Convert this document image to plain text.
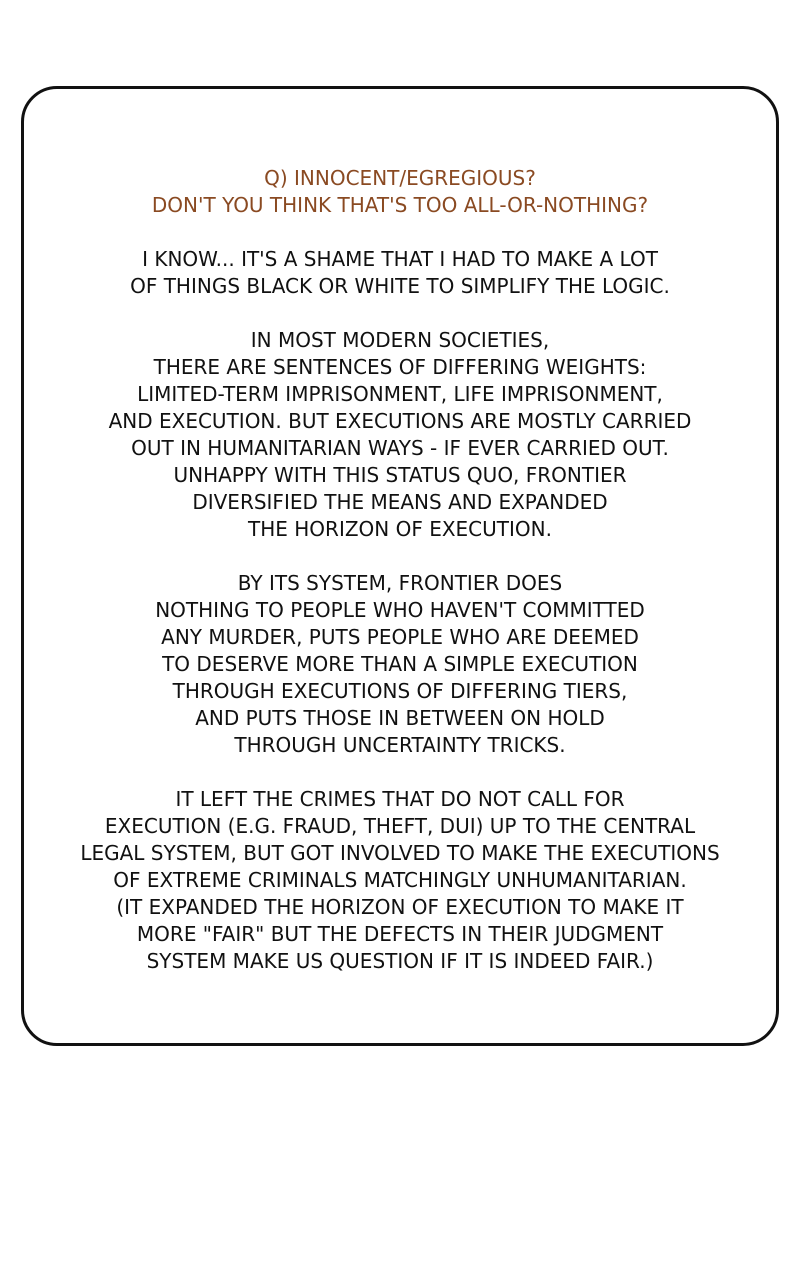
Q) INNOCENT/EGREGIOUS?
DON'T YOU THINK THAT'S TOO ALL-OR-NOTHING?
I KNOW... IT'S A SHAME THAT I HAD TO MAKE A LOT
OF THINGS BLACK OR WHITE TO SIMPLIFY THE LOGIC.
IN MOST MODERN SOCIETIES,
THERE ARE SENTENCES OF DIFFERING WEIGHTS:
LIMITED-TERM IMPRISONMENT, LIFE IMPRISONMENT,
AND EXECUTION. BUT EXECUTIONS ARE MOSTLY CARRIED
OUT IN HUMANITARIAN WAYS - IF EVER CARRIED OUT.
UNHAPPY WITH THIS STATUS QUO, FRONTIER
DIVERSIFIED THE MEANS AND EXPANDED
THE HORIZON OF EXECUTION.
BY ITS SYSTEM, FRONTIER DOES
NOTHING TO PEOPLE WHO HAVEN'T COMMITTED
ANY MURDER, PUTS PEOPLE WHO ARE DEEMED
TO DESERVE MORE THAN A SIMPLE EXECUTION
THROUGH EXECUTIONS OF DIFFERING TIERS,
AND PUTS THOSE IN BETWEEN ON HOLD
THROUGH UNCERTAINTY TRICKS.
IT LEFT THE CRIMES THAT DO NOT CALL FOR
EXECUTION (E.G. FRAUD, THEFT, DUI) UP TO THE CENTRAL
LEGAL SYSTEM, BUT GOT INVOLVED TO MAKE THE EXECUTIONS
OF EXTREME CRIMINALS MATCHINGLY UNHUMANITARIAN.
(IT EXPANDED THE HORIZON OF EXECUTION TO MAKE IT
MORE "FAIR" BUT THE DEFECTS IN THEIR JUDGMENT
SYSTEM MAKE US QUESTION IF IT IS INDEED FAIR.)
